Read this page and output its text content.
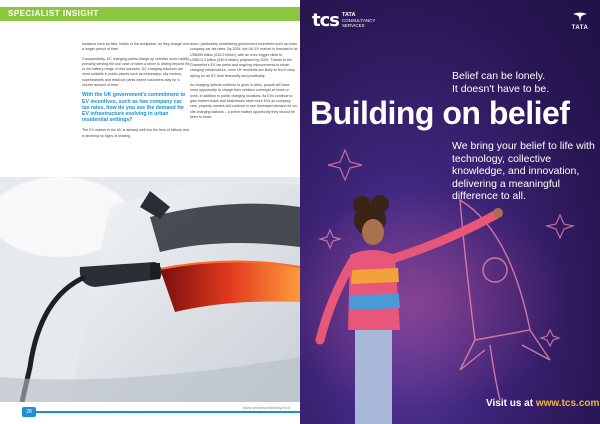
SPECIALIST INSIGHT

locations such as flats, hotels or the workplace, as they charge over a longer period of time.

Comparatively, DC charging points charge up vehicles more rapidly, primarily serving the use case of when a driver is driving beyond his or her battery range. In this scenario, DC charging solutions are more suitable in public places such as motorways, city centres, supermarkets and retail car parks where customers stay for a shorter amount of time.

With the UK government's commitment to EV incentives, such as low company car tax rates, how do you see the demand for EV infrastructure evolving in urban residential settings?

The EV market in the UK is already well into the tens of billions and is showing no signs of slowing

down, particularly considering government incentives such as lower company car tax rates. By 2024, the UK EV market is forecast to hit US$260 billion (£26.9 billion), with an even bigger climb to US$513.3 billion (£40.6 billion) projected by 2029. Thanks to the Chancellor's EV tax perks and ongoing improvements in urban charging infrastructure, more UK residents are likely to find it easy opting for an EV both financially and practically.

As charging options continue to grow in cities, people will have more opportunity to charge their vehicles overnight at home or work, in addition to public charging locations. As EVs continue to gain market share and businesses have more EVs as company cars, property owners will continue to see increased demand for on-site charging stations – a prime market opportunity they should be keen to seize.

28
www.smartworldtoday.tech
tcs TATA
CONSULTANCY
SERVICES	TATA
Belief can be lonely.
It doesn't have to be.
Building on belief
We bring your belief to life with technology, collective knowledge, and innovation, delivering a meaningful difference to all.
Visit us at www.tcs.com
